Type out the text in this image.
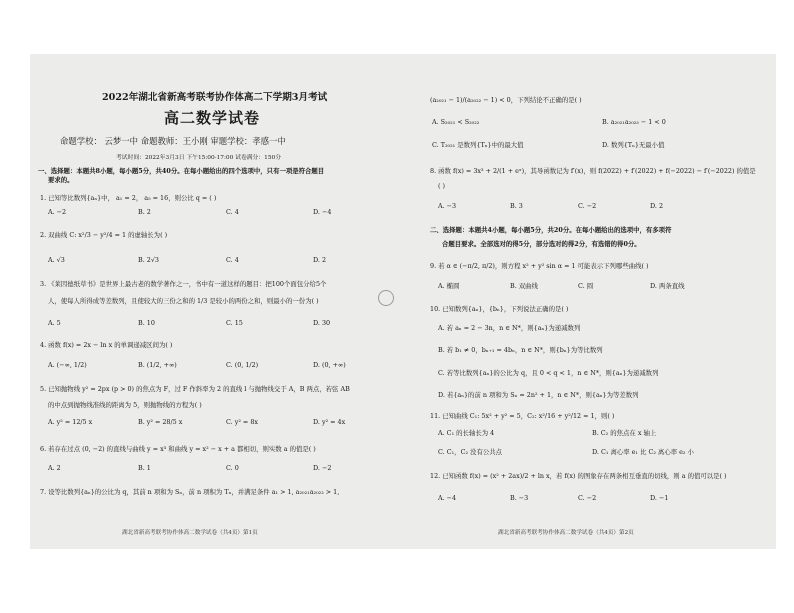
2022年湖北省新高考联考协作体高二下学期3月考试
高二数学试卷
命题学校： 云梦一中 命题教师：王小刚 审题学校：孝感一中
考试时间：2022年3月3日 下午15:00-17:00 试卷满分：150分
一、选择题：本题共8小题，每小题5分，共40分。在每小题给出的四个选项中，只有一项是符合题目
要求的。
1. 已知等比数列{aₙ}中， a₁ = 2， a₅ = 16，则公比 q = ( )
A. −2	B. 2	C. 4	D. −4
2. 双曲线 C: x²/3 − y²/4 = 1 的虚轴长为( )
A. √3	B. 2√3	C. 4	D. 2
3. 《莱因德纸草书》是世界上最古老的数学著作之一，书中有一道这样的题目：把100个面包分给5个
人，使每人所得成等差数列，且使较大的三份之和的 1/3 是较小的两份之和，则最小的一份为( )
A. 5	B. 10	C. 15	D. 30
4. 函数 f(x) = 2x − ln x 的单调递减区间为( )
A. (−∞, 1/2)	B. (1/2, +∞)	C. (0, 1/2)	D. (0, +∞)
5. 已知抛物线 y² = 2px (p > 0) 的焦点为 F，过 F 作斜率为 2 的直线 l 与抛物线交于 A，B 两点，若弦 AB
的中点到抛物线准线的距离为 5，则抛物线的方程为( )
A. y² = 12/5 x	B. y² = 28/5 x	C. y² = 8x	D. y² = 4x
6. 若存在过点 (0, −2) 的直线与曲线 y = x³ 和曲线 y = x² − x + a 都相切，则实数 a 的值是( )
A. 2	B. 1	C. 0	D. −2
7. 设等比数列{aₙ}的公比为 q，其前 n 项和为 Sₙ，前 n 项积为 Tₙ，并满足条件 a₁ > 1, a₂₀₂₁a₂₀₂₂ > 1,
湖北省新高考联考协作体高二数学试卷（共4页）第1页
(a₂₀₂₁ − 1)/(a₂₀₂₂ − 1) < 0，下列结论不正确的是( )
A. S₂₀₂₁ < S₂₀₂₂	B. a₂₀₂₁a₂₀₂₃ − 1 < 0
C. T₂₀₂₁ 是数列{Tₙ}中的最大值	D. 数列{Tₙ}无最小值
8. 函数 f(x) = 3x³ + 2/(1 + eˣ)，其导函数记为 f′(x)，则 f(2022) + f′(2022) + f(−2022) − f′(−2022) 的值是
( )
A. −3	B. 3	C. −2	D. 2
二、选择题：本题共4小题，每小题5分，共20分。在每小题给出的选项中，有多项符
合题目要求。全部选对的得5分，部分选对的得2分，有选错的得0分。
9. 若 α ∈ (−π/2, π/2)，则方程 x² + y² sin α = 1 可能表示下列哪些曲线( )
A. 椭圆	B. 双曲线	C. 圆	D. 两条直线
10. 已知数列{aₙ}，{bₙ}，下列说法正确的是( )
A. 若 aₙ = 2 − 3n，n ∈ N*，则{aₙ}为递减数列
B. 若 b₁ ≠ 0，bₙ₊₁ = 4bₙ，n ∈ N*，则{bₙ}为等比数列
C. 若等比数列{aₙ}的公比为 q，且 0 < q < 1，n ∈ N*，则{aₙ}为递减数列
D. 若{aₙ}的前 n 项和为 Sₙ = 2n² + 1，n ∈ N*，则{aₙ}为等差数列
11. 已知曲线 C₁: 5x² + y² = 5，C₂: x²/16 + y²/12 = 1，则( )
A. C₁ 的长轴长为 4	B. C₂ 的焦点在 x 轴上
C. C₁，C₂ 没有公共点	D. C₁ 离心率 e₁ 比 C₂ 离心率 e₂ 小
12. 已知函数 f(x) = (x² + 2ax)/2 + ln x，若 f(x) 的图象存在两条相互垂直的切线，则 a 的值可以是( )
A. −4	B. −3	C. −2	D. −1
湖北省新高考联考协作体高二数学试卷（共4页）第2页
